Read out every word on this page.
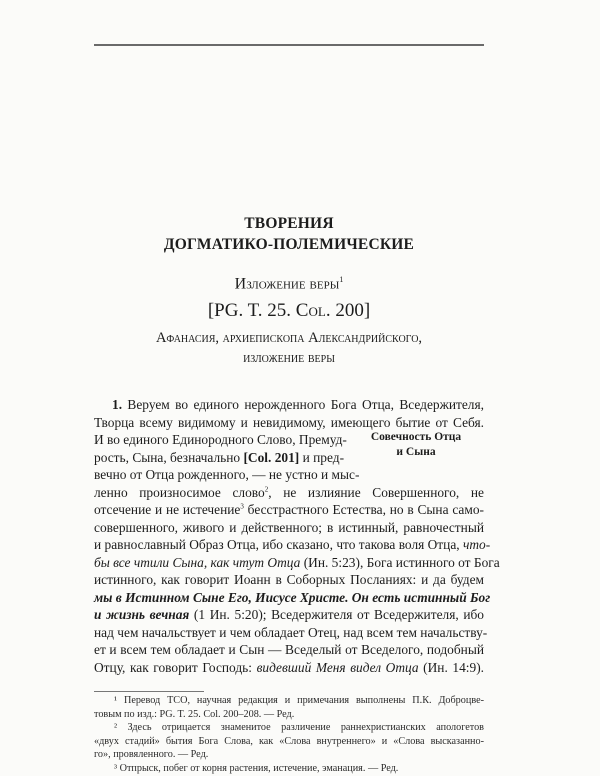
ТВОРЕНИЯ
ДОГМАТИКО-ПОЛЕМИЧЕСКИЕ
Изложение веры$^1$
[PG. T. 25. Col. 200]
Афанасия, архиепископа Александрийского,
изложение веры
Совечность Отца
и Сына
1. Веруем во единого нерожденного Бога Отца, Вседержителя,
Творца всему видимому и невидимому, имеющего бытие от Себя.
И во единого Единородного Слово, Премуд-
рость, Сына, безначально [Col. 201] и пред-
вечно от Отца рожденного, — не устно и мыс-
ленно произносимое слово$^2$, не излияние Совершенного, не
отсечение и не истечение$^3$ бесстрастного Естества, но в Сына само-
совершенного, живого и действенного; в истинный, равночестный
и равнославный Образ Отца, ибо сказано, что такова воля Отца, что-
бы все чтили Сына, как чтут Отца (Ин. 5:23), Бога истинного от Бога
истинного, как говорит Иоанн в Соборных Посланиях: и да будем
мы в Истинном Сыне Его, Иисусе Христе. Он есть истинный Бог
и жизнь вечная (1 Ин. 5:20); Вседержителя от Вседержителя, ибо
над чем начальствует и чем обладает Отец, над всем тем начальству-
ет и всем тем обладает и Сын — Вседелый от Вседелого, подобный
Отцу, как говорит Господь: видевший Меня видел Отца (Ин. 14:9).
¹ Перевод ТСО, научная редакция и примечания выполнены П.К. Доброцве-
товым по изд.: PG. T. 25. Col. 200–208. — Ред.
² Здесь отрицается знаменитое различение раннехристианских апологетов
«двух стадий» бытия Бога Слова, как «Слова внутреннего» и «Слова высказанно-
го», провяленного. — Ред.
³ Отпрыск, побег от корня растения, истечение, эманация. — Ред.
